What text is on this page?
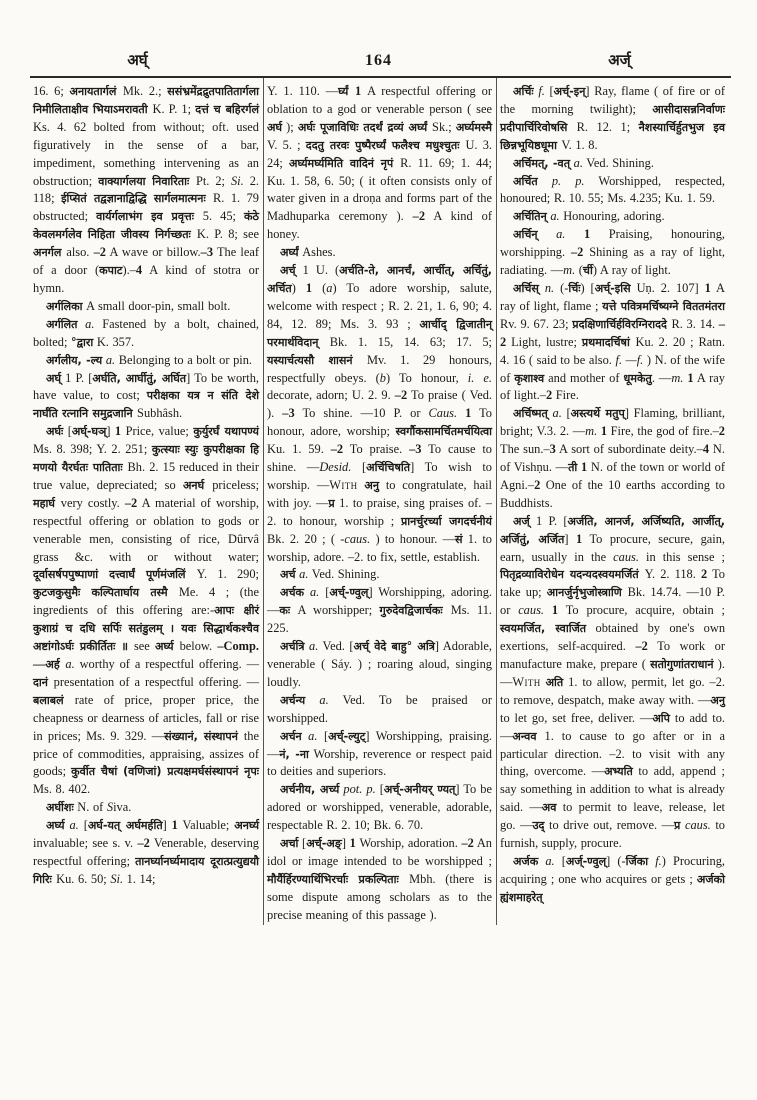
अर्घ्	164	अर्ज्

16. 6; अनायतार्गलं Mk. 2.; ससंभ्रमेंद्रद्रुतपातितार्गला निमीलिताक्षीव भियाऽमरावती K. P. 1; दत्तं च बहिरर्गलं Ks. 4. 62 bolted from without; oft. used figuratively in the sense of a bar, impediment, something intervening as an obstruction; वाक्यार्गलया निवारिताः Pt. 2; Si. 2. 118; ईप्सितं तद्वज्ञानाद्विद्धि सार्गलमात्मनः R. 1. 79 obstructed; वार्यर्गलाभंग इव प्रवृत्तः 5. 45; कंठे केवलमर्गलेव निहिता जीवस्य निर्गच्छतः K. P. 8; see अनर्गल also. –2 A wave or billow.–3 The leaf of a door (कपाट).–4 A kind of stotra or hymn.

अर्गलिका A small door-pin, small bolt.

अर्गलित a. Fastened by a bolt, chained, bolted; °द्वारा K. 357.

अर्गलीय, -ल्य a. Belonging to a bolt or pin.

अर्घ् 1 P. [अर्घति, आर्घीतुं, अर्घित] To be worth, have value, to cost; परीक्षका यत्र न संति देशे नार्घंति रत्नानि समुद्रजानि Subhâsh.

अर्घः [अर्घ्-घञ्] 1 Price, value; कुर्युरर्घं यथापण्यं Ms. 8. 398; Y. 2. 251; कुत्स्याः स्युः कुपरीक्षका हि मणयो यैरर्घतः पातिताः Bh. 2. 15 reduced in their true value, depreciated; so अनर्घ priceless; महार्घ very costly. –2 A material of worship, respectful offering or oblation to gods or venerable men, consisting of rice, Dûrvâ grass &c. with or without water; दूर्वासर्षपपुष्पाणां दत्त्वार्घं पूर्णमंजलिं Y. 1. 290; कुटजकुसुमैः कल्पितार्घाय तस्मै Me. 4 ; (the ingredients of this offering are:-आपः क्षीरं कुशाग्रं च दधि सर्पिः सतंडुलम् । यवः सिद्धार्थकश्चैव अष्टांगोऽर्घः प्रकीर्तितः ॥ see अर्घ्य below. –Comp. —अर्ह a. worthy of a respectful offering. —दानं presentation of a respectful offering. —बलाबलं rate of price, proper price, the cheapness or dearness of articles, fall or rise in prices; Ms. 9. 329. —संख्यानं, संस्थापनं the price of commodities, appraising, assizes of goods; कुर्वीत चैषां (वणिजां) प्रत्यक्षमर्घसंस्थापनं नृपः Ms. 8. 402.

अर्घीशः N. of Siva.

अर्घ्य a. [अर्घ-यत् अर्घमर्हति] 1 Valuable; अनर्घ्य invaluable; see s. v. –2 Venerable, deserving respectful offering; तानर्घ्यानर्घ्यमादाय दूरात्प्रत्युद्ययौ गिरिः Ku. 6. 50; Si. 1. 14;

Y. 1. 110. —र्घ्यं 1 A respectful offering or oblation to a god or venerable person ( see अर्घ ); अर्घः पूजाविधिः तदर्थं द्रव्यं अर्घ्यं Sk.; अर्घ्यमस्मै V. 5. ; ददतु तरवः पुष्पैरर्घ्यं फलैश्च मधुश्चुतः U. 3. 24; अर्घ्यमर्घ्यमिति वादिनं नृपं R. 11. 69; 1. 44; Ku. 1. 58, 6. 50; ( it often consists only of water given in a droṇa and forms part of the Madhuparka ceremony ). –2 A kind of honey.

अर्घ्यं Ashes.

अर्च् 1 U. (अर्चति-ते, आनर्चं, आर्चीत्, अर्चितुं, अर्चित) 1 (a) To adore worship, salute, welcome with respect ; R. 2. 21, 1. 6, 90; 4. 84, 12. 89; Ms. 3. 93 ; आर्चीद् द्विजातीन् परमार्थविदान् Bk. 1. 15, 14. 63; 17. 5; यस्यार्चत्यसौ शासनं Mv. 1. 29 honours, respectfully obeys. (b) To honour, i. e. decorate, adorn; U. 2. 9. –2 To praise ( Ved. ). –3 To shine. —10 P. or Caus. 1 To honour, adore, worship; स्वर्गौकसामर्चितमर्चयित्वा Ku. 1. 59. –2 To praise. –3 To cause to shine. —Desid. [अर्चिचिषति] To wish to worship. —With अनु to congratulate, hail with joy. —प्र 1. to praise, sing praises of. –2. to honour, worship ; प्रानर्चुरर्च्या जगदर्चनीयं Bk. 2. 20 ; ( -caus. ) to honour. —सं 1. to worship, adore. –2. to fix, settle, establish.

अर्च a. Ved. Shining.

अर्चक a. [अर्च्-ण्वुल्] Worshipping, adoring. —कः A worshipper; गुरुदेवद्विजार्चकः Ms. 11. 225.

अर्चत्रि a. Ved. [अर्च् वेदे बाहु° अत्रि] Adorable, venerable ( Sáy. ) ; roaring aloud, singing loudly.

अर्चन्य a. Ved. To be praised or worshipped.

अर्चन a. [अर्च्-ल्युट्] Worshipping, praising. —नं, -ना Worship, reverence or respect paid to deities and superiors.

अर्चनीय, अर्च्य pot. p. [अर्च्-अनीयर् ण्यत्] To be adored or worshipped, venerable, adorable, respectable R. 2. 10; Bk. 6. 70.

अर्चा [अर्च्-अङ्] 1 Worship, adoration. –2 An idol or image intended to be worshipped ; मौर्यैर्हिरण्यार्थिभिरर्चाः प्रकल्पिताः Mbh. (there is some dispute among scholars as to the precise meaning of this passage ).

अर्चिः f. [अर्च्-इन्] Ray, flame ( of fire or of the morning twilight); आसीदासन्ननिर्वाणः प्रदीपार्चिरिवोषसि R. 12. 1; नैशस्यार्चिर्हुतभुज इव छिन्नभूयिष्ठधूमा V. 1. 8.

अर्चिमत्, -वत् a. Ved. Shining.

अर्चित p. p. Worshipped, respected, honoured; R. 10. 55; Ms. 4.235; Ku. 1. 59.

अर्चितिन् a. Honouring, adoring.

अर्चिन् a. 1 Praising, honouring, worshipping. –2 Shining as a ray of light, radiating. —m. (र्ची) A ray of light.

अर्चिस् n. (-र्चिः) [अर्च्-इसि Uṇ. 2. 107] 1 A ray of light, flame ; यत्ते पवित्रमर्चिष्यग्ने विततमंतरा Rv. 9. 67. 23; प्रदक्षिणार्चिर्हविरग्निराददे R. 3. 14. –2 Light, lustre; प्रथमादर्चिषां Ku. 2. 20 ; Ratn. 4. 16 ( said to be also. f. —f. ) N. of the wife of कृशाश्व and mother of धूमकेतु. —m. 1 A ray of light.–2 Fire.

अर्चिष्मत् a. [अस्त्यर्थे मतुप्] Flaming, brilliant, bright; V.3. 2. —m. 1 Fire, the god of fire.–2 The sun.–3 A sort of subordinate deity.–4 N. of Vishṇu. —ती 1 N. of the town or world of Agni.–2 One of the 10 earths according to Buddhists.

अर्ज् 1 P. [अर्जति, आनर्ज, अर्जिष्यति, आर्जीत्, अर्जितुं, अर्जित] 1 To procure, secure, gain, earn, usually in the caus. in this sense ; पितृद्रव्याविरोधेन यदन्यदस्वयमर्जितं Y. 2. 118. 2 To take up; आनर्जुर्नृभुजोस्त्राणि Bk. 14.74. —10 P. or caus. 1 To procure, acquire, obtain ; स्वयमर्जित, स्वार्जित obtained by one's own exertions, self-acquired. –2 To work or manufacture make, prepare ( सतोगुणांतराधानं ). —With अति 1. to allow, permit, let go. –2. to remove, despatch, make away with. —अनु to let go, set free, deliver. —अपि to add to. —अन्वव 1. to cause to go after or in a particular direction. –2. to visit with any thing, overcome. —अभ्यति to add, append ; say something in addition to what is already said. —अव to permit to leave, release, let go. —उद् to drive out, remove. —प्र caus. to furnish, supply, procure.

अर्जक a. [अर्ज्-ण्वुल्] (-र्जिका f.) Procuring, acquiring ; one who acquires or gets ; अर्जको ह्यंशमाहरेत्
